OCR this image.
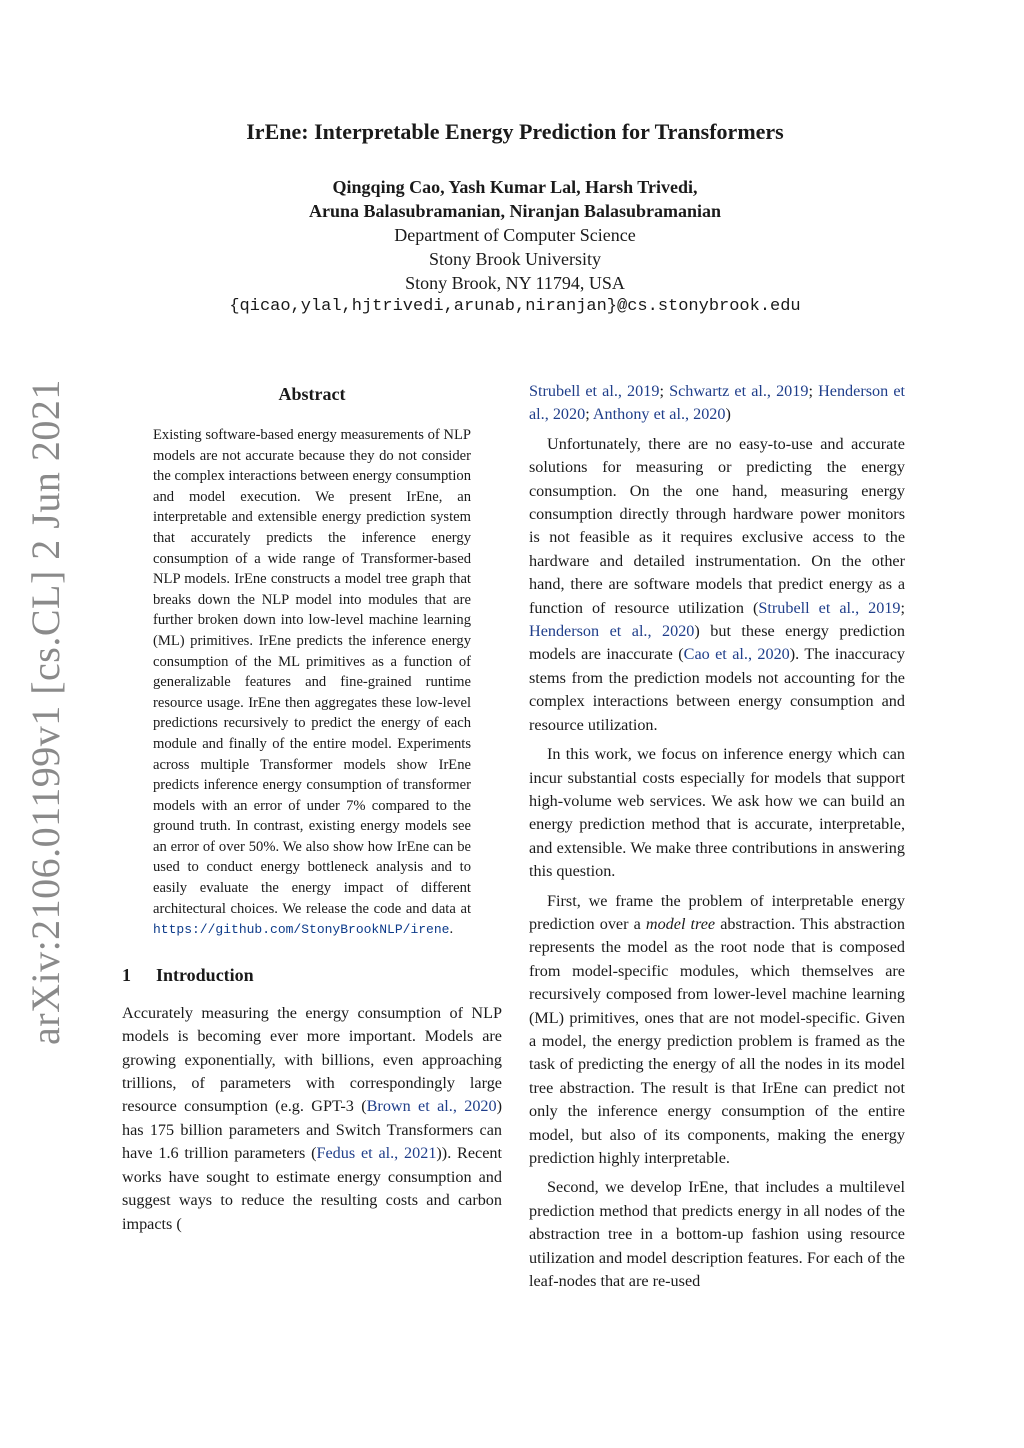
arXiv:2106.01199v1 [cs.CL] 2 Jun 2021
IrEne: Interpretable Energy Prediction for Transformers
Qingqing Cao, Yash Kumar Lal, Harsh Trivedi,
Aruna Balasubramanian, Niranjan Balasubramanian
Department of Computer Science
Stony Brook University
Stony Brook, NY 11794, USA
{qicao,ylal,hjtrivedi,arunab,niranjan}@cs.stonybrook.edu
Abstract
Existing software-based energy measurements of NLP models are not accurate because they do not consider the complex interactions between energy consumption and model execution. We present IrEne, an interpretable and extensible energy prediction system that accurately predicts the inference energy consumption of a wide range of Transformer-based NLP models. IrEne constructs a model tree graph that breaks down the NLP model into modules that are further broken down into low-level machine learning (ML) primitives. IrEne predicts the inference energy consumption of the ML primitives as a function of generalizable features and fine-grained runtime resource usage. IrEne then aggregates these low-level predictions recursively to predict the energy of each module and finally of the entire model. Experiments across multiple Transformer models show IrEne predicts inference energy consumption of transformer models with an error of under 7% compared to the ground truth. In contrast, existing energy models see an error of over 50%. We also show how IrEne can be used to conduct energy bottleneck analysis and to easily evaluate the energy impact of different architectural choices. We release the code and data at https://github.com/StonyBrookNLP/irene.
1 Introduction

Accurately measuring the energy consumption of NLP models is becoming ever more important. Models are growing exponentially, with billions, even approaching trillions, of parameters with correspondingly large resource consumption (e.g. GPT-3 (Brown et al., 2020) has 175 billion parameters and Switch Transformers can have 1.6 trillion parameters (Fedus et al., 2021)). Recent works have sought to estimate energy consumption and suggest ways to reduce the resulting costs and carbon impacts (

Strubell et al., 2019; Schwartz et al., 2019; Henderson et al., 2020; Anthony et al., 2020)

Unfortunately, there are no easy-to-use and accurate solutions for measuring or predicting the energy consumption. On the one hand, measuring energy consumption directly through hardware power monitors is not feasible as it requires exclusive access to the hardware and detailed instrumentation. On the other hand, there are software models that predict energy as a function of resource utilization (Strubell et al., 2019; Henderson et al., 2020) but these energy prediction models are inaccurate (Cao et al., 2020). The inaccuracy stems from the prediction models not accounting for the complex interactions between energy consumption and resource utilization.

In this work, we focus on inference energy which can incur substantial costs especially for models that support high-volume web services. We ask how we can build an energy prediction method that is accurate, interpretable, and extensible. We make three contributions in answering this question.

First, we frame the problem of interpretable energy prediction over a model tree abstraction. This abstraction represents the model as the root node that is composed from model-specific modules, which themselves are recursively composed from lower-level machine learning (ML) primitives, ones that are not model-specific. Given a model, the energy prediction problem is framed as the task of predicting the energy of all the nodes in its model tree abstraction. The result is that IrEne can predict not only the inference energy consumption of the entire model, but also of its components, making the energy prediction highly interpretable.

Second, we develop IrEne, that includes a multilevel prediction method that predicts energy in all nodes of the abstraction tree in a bottom-up fashion using resource utilization and model description features. For each of the leaf-nodes that are re-used
